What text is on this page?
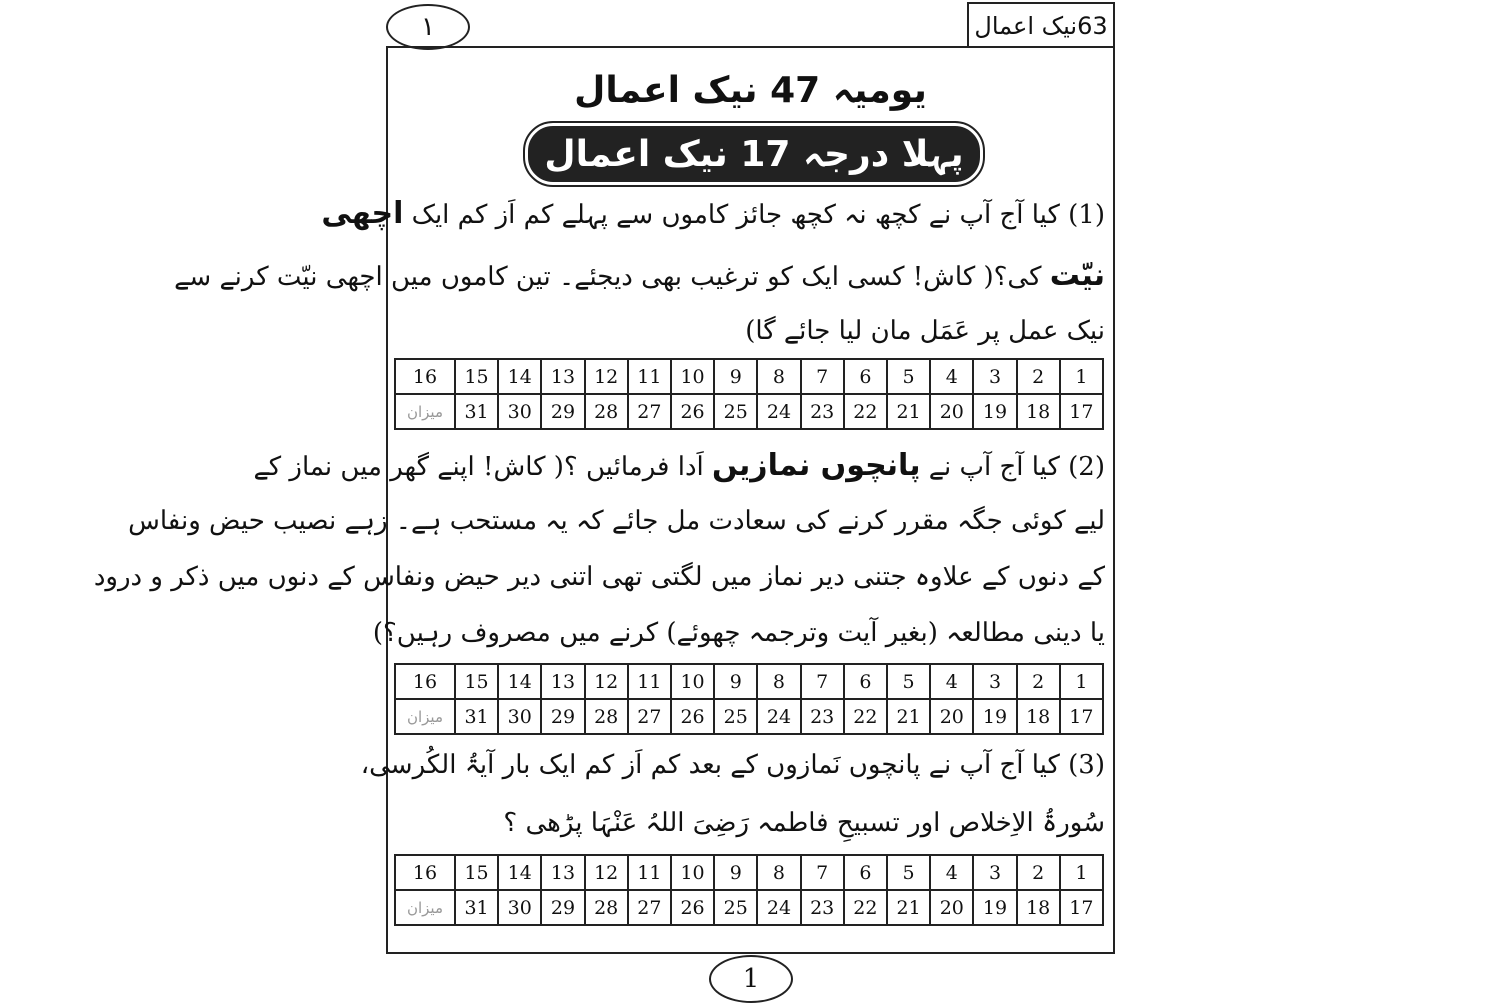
١	63نیک اعمال
یومیہ 47 نیک اعمال
پہلا درجہ 17 نیک اعمال
(1) کیا آج آپ نے کچھ نہ کچھ جائز کاموں سے پہلے کم اَز کم ایک اچھی
نیّت کی؟( کاش! کسی ایک کو ترغیب بھی دیجئے۔ تین کاموں میں اچھی نیّت کرنے سے
نیک عمل پر عَمَل مان لیا جائے گا)
1	2	3	4	5	6	7	8	9	10	11	12	13	14	15	16
17	18	19	20	21	22	23	24	25	26	27	28	29	30	31	میزان
(2) کیا آج آپ نے پانچوں نمازیں اَدا فرمائیں ؟( کاش! اپنے گھر میں نماز کے
لیے کوئی جگہ مقرر کرنے کی سعادت مل جائے کہ یہ مستحب ہے۔ زہے نصیب حیض ونفاس
کے دنوں کے علاوہ جتنی دیر نماز میں لگتی تھی اتنی دیر حیض ونفاس کے دنوں میں ذکر و درود
یا دینی مطالعہ (بغیر آیت وترجمہ چھوئے) کرنے میں مصروف رہیں؟)
1	2	3	4	5	6	7	8	9	10	11	12	13	14	15	16
17	18	19	20	21	22	23	24	25	26	27	28	29	30	31	میزان
(3) کیا آج آپ نے پانچوں نَمازوں کے بعد کم اَز کم ایک بار آیۃُ الکُرسی،
سُورۃُ الاِخلاص اور تسبیحِ فاطمہ رَضِیَ اللہُ عَنْہَا پڑھی ؟
1	2	3	4	5	6	7	8	9	10	11	12	13	14	15	16
17	18	19	20	21	22	23	24	25	26	27	28	29	30	31	میزان
1
